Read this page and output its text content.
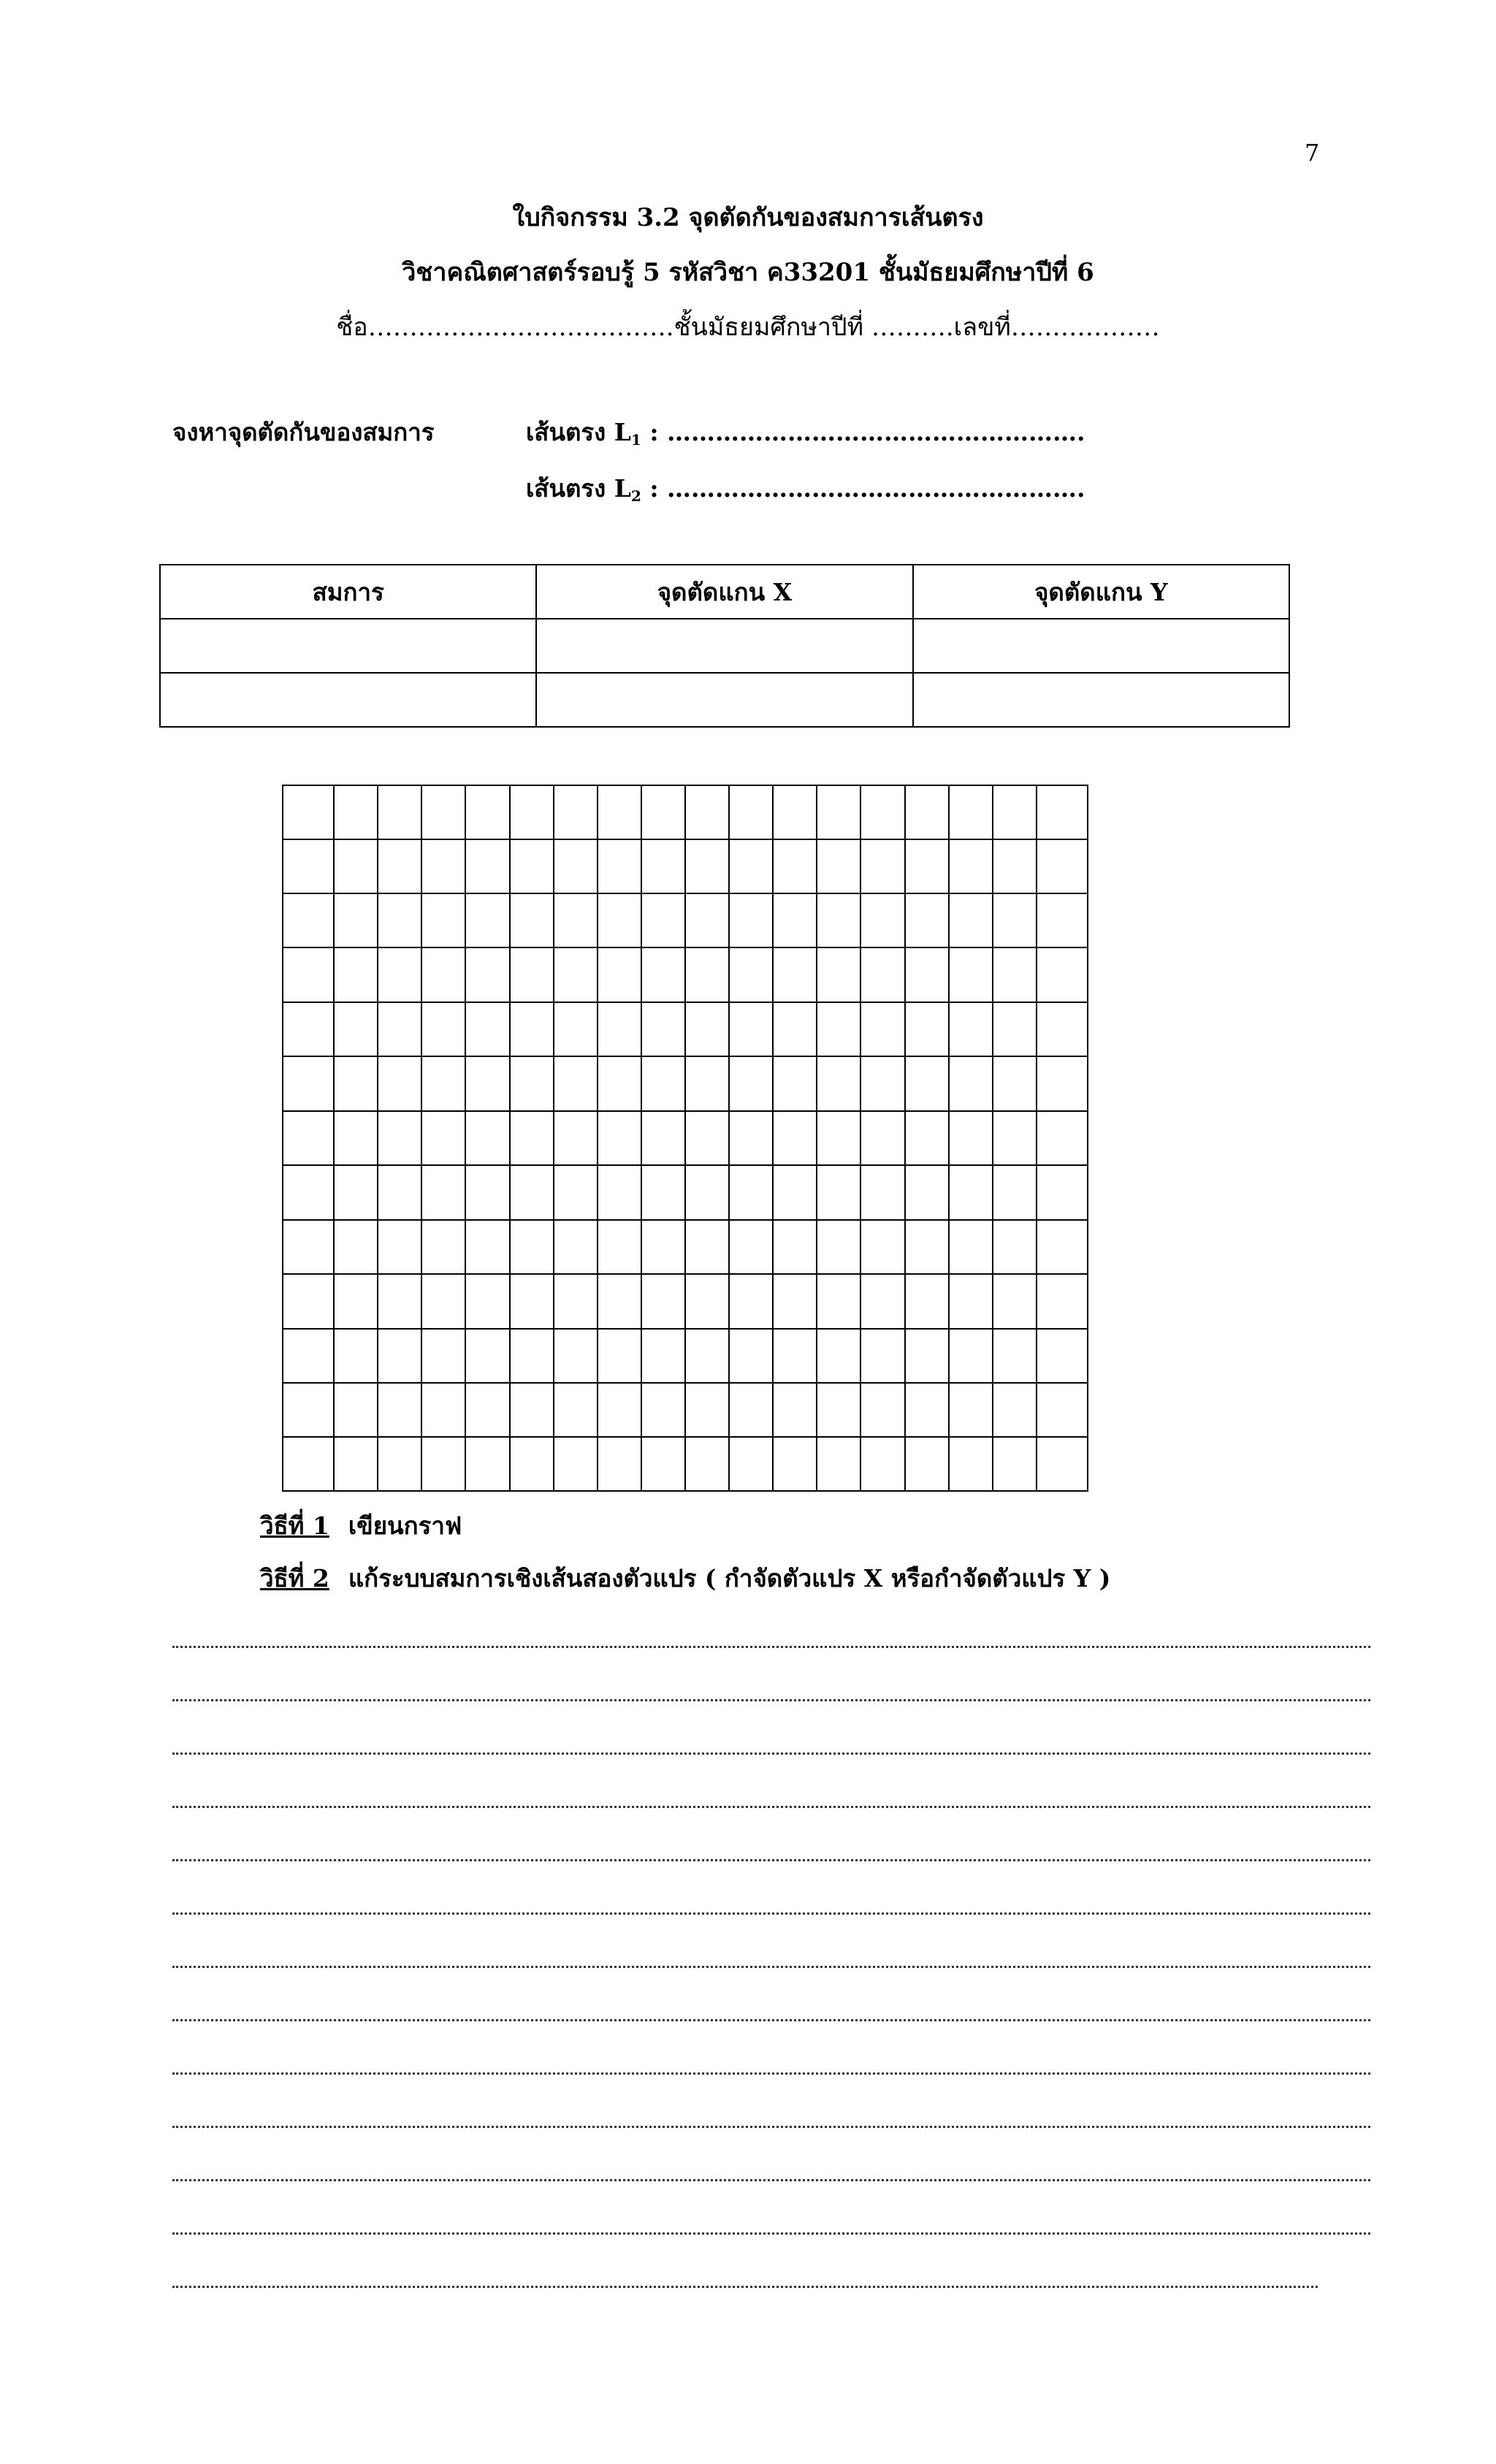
7
ใบกิจกรรม 3.2 จุดตัดกันของสมการเส้นตรง
วิชาคณิตศาสตร์รอบรู้ 5 รหัสวิชา ค33201 ชั้นมัธยมศึกษาปีที่ 6
ชื่อ……………………………….ชั้นมัธยมศึกษาปีที่ ……….เลขที่………………
จงหาจุดตัดกันของสมการ	เส้นตรง $L_1$ : …………………………………………….
เส้นตรง $L_2$ : …………………………………………….
สมการ	จุดตัดแกน X	จุดตัดแกน Y

วิธีที่ 1 เขียนกราฟ
วิธีที่ 2 แก้ระบบสมการเชิงเส้นสองตัวแปร ( กำจัดตัวแปร X หรือกำจัดตัวแปร Y )
